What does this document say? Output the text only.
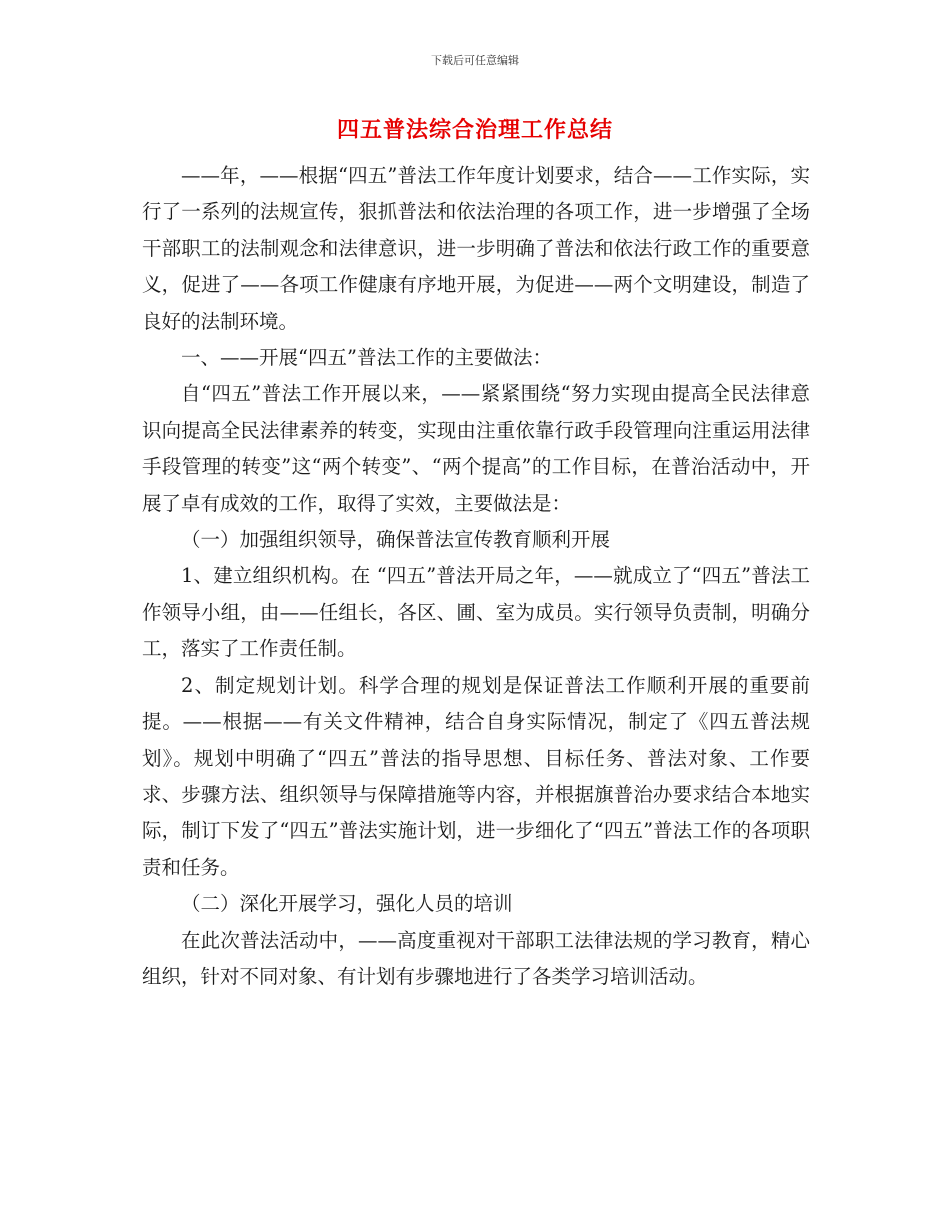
下载后可任意编辑
四五普法综合治理工作总结

——年，——根据“四五”普法工作年度计划要求，结合——工作实际，实行了一系列的法规宣传，狠抓普法和依法治理的各项工作，进一步增强了全场干部职工的法制观念和法律意识，进一步明确了普法和依法行政工作的重要意义，促进了——各项工作健康有序地开展，为促进——两个文明建设，制造了良好的法制环境。

一、——开展“四五”普法工作的主要做法：

自“四五”普法工作开展以来，——紧紧围绕“努力实现由提高全民法律意识向提高全民法律素养的转变，实现由注重依靠行政手段管理向注重运用法律手段管理的转变”这“两个转变”、“两个提高”的工作目标，在普治活动中，开展了卓有成效的工作，取得了实效，主要做法是：

（一）加强组织领导，确保普法宣传教育顺利开展

1、建立组织机构。在 “四五”普法开局之年，——就成立了“四五”普法工作领导小组，由——任组长，各区、圃、室为成员。实行领导负责制，明确分工，落实了工作责任制。

2、制定规划计划。科学合理的规划是保证普法工作顺利开展的重要前提。——根据——有关文件精神，结合自身实际情况，制定了《四五普法规划》。规划中明确了“四五”普法的指导思想、目标任务、普法对象、工作要求、步骤方法、组织领导与保障措施等内容，并根据旗普治办要求结合本地实际，制订下发了“四五”普法实施计划，进一步细化了“四五”普法工作的各项职责和任务。

（二）深化开展学习，强化人员的培训

在此次普法活动中，——高度重视对干部职工法律法规的学习教育，精心组织，针对不同对象、有计划有步骤地进行了各类学习培训活动。
